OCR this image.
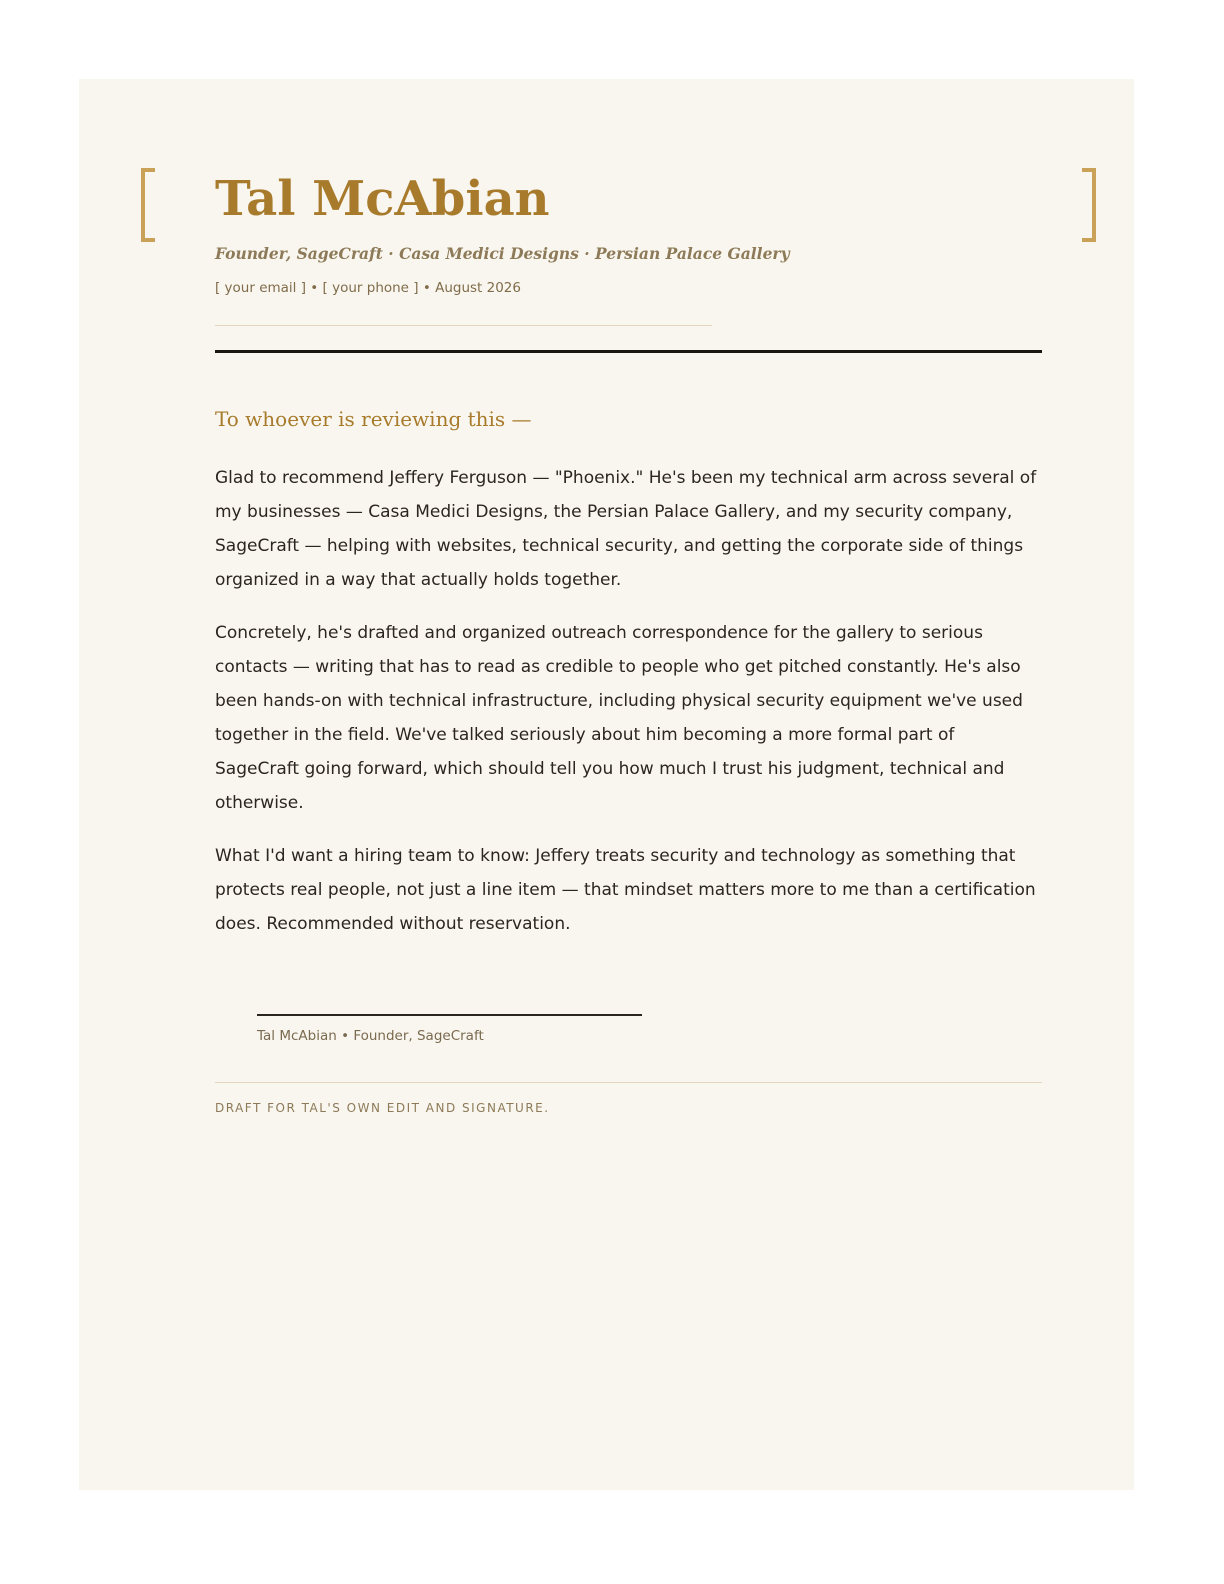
Tal McAbian
Founder, SageCraft · Casa Medici Designs · Persian Palace Gallery
[ your email ] • [ your phone ] • August 2026
To whoever is reviewing this —

Glad to recommend Jeffery Ferguson — "Phoenix." He's been my technical arm across several of my businesses — Casa Medici Designs, the Persian Palace Gallery, and my security company, SageCraft — helping with websites, technical security, and getting the corporate side of things organized in a way that actually holds together.

Concretely, he's drafted and organized outreach correspondence for the gallery to serious contacts — writing that has to read as credible to people who get pitched constantly. He's also been hands-on with technical infrastructure, including physical security equipment we've used together in the field. We've talked seriously about him becoming a more formal part of SageCraft going forward, which should tell you how much I trust his judgment, technical and otherwise.

What I'd want a hiring team to know: Jeffery treats security and technology as something that protects real people, not just a line item — that mindset matters more to me than a certification does. Recommended without reservation.

Tal McAbian • Founder, SageCraft
DRAFT FOR TAL'S OWN EDIT AND SIGNATURE.
